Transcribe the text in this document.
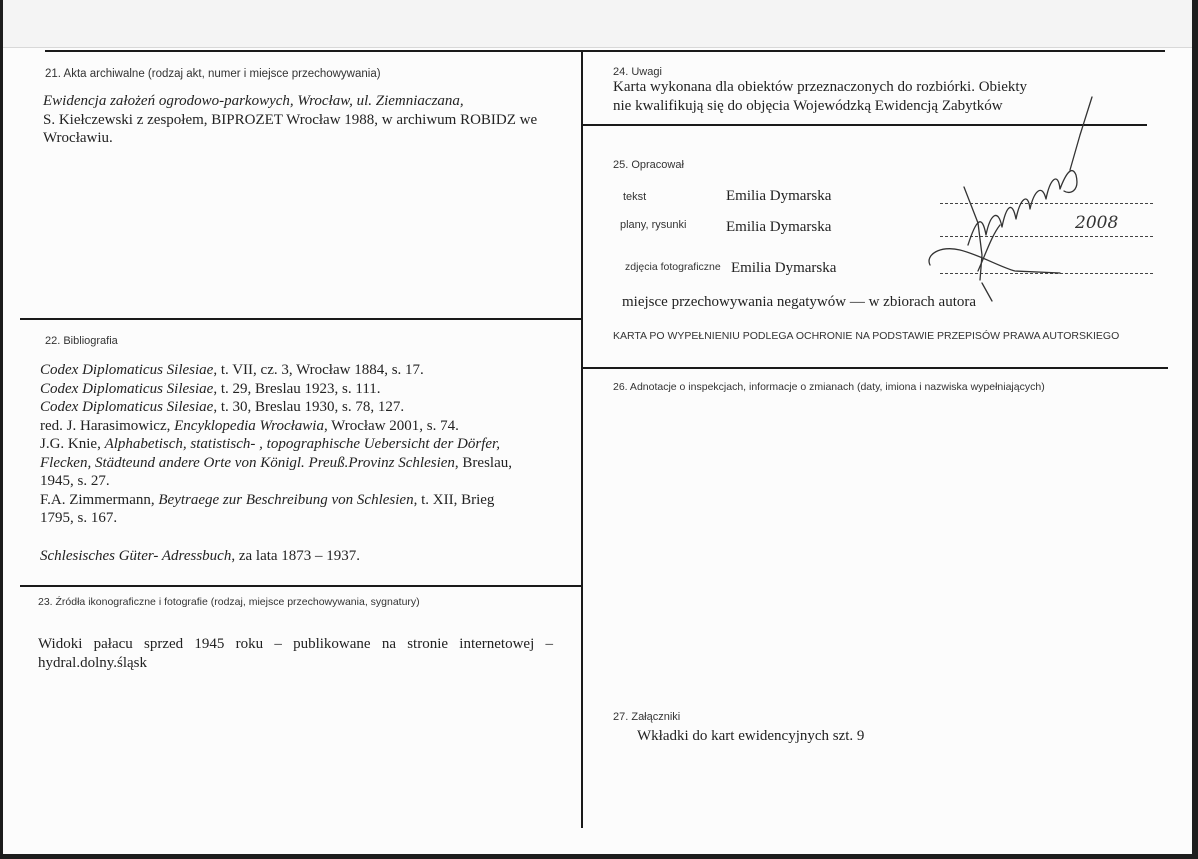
21. Akta archiwalne (rodzaj akt, numer i miejsce przechowywania)
Ewidencja założeń ogrodowo-parkowych, Wrocław, ul. Ziemniaczana,
S. Kiełczewski z zespołem, BIPROZET Wrocław 1988, w archiwum ROBIDZ we
Wrocławiu.
22. Bibliografia
Codex Diplomaticus Silesiae, t. VII, cz. 3, Wrocław 1884, s. 17.
Codex Diplomaticus Silesiae, t. 29, Breslau 1923, s. 111.
Codex Diplomaticus Silesiae, t. 30, Breslau 1930, s. 78, 127.
red. J. Harasimowicz, Encyklopedia Wrocławia, Wrocław 2001, s. 74.
J.G. Knie, Alphabetisch, statistisch- , topographische Uebersicht der Dörfer,
Flecken, Städteund andere Orte von Königl. Preuß.Provinz Schlesien, Breslau,
1945, s. 27.
F.A. Zimmermann, Beytraege zur Beschreibung von Schlesien, t. XII, Brieg
1795, s. 167.
Schlesisches Güter- Adressbuch, za lata 1873 – 1937.
23. Źródła ikonograficzne i fotografie (rodzaj, miejsce przechowywania, sygnatury)
Widoki pałacu sprzed 1945 roku – publikowane na stronie internetowej –
hydral.dolny.śląsk
24. Uwagi
Karta wykonana dla obiektów przeznaczonych do rozbiórki. Obiekty
nie kwalifikują się do objęcia Wojewódzką Ewidencją Zabytków
25. Opracował
tekst	Emilia Dymarska
plany, rysunki	Emilia Dymarska
zdjęcia fotograficzne Emilia Dymarska
miejsce przechowywania negatywów — w zbiorach autora
2008
KARTA PO WYPEŁNIENIU PODLEGA OCHRONIE NA PODSTAWIE PRZEPISÓW PRAWA AUTORSKIEGO
26. Adnotacje o inspekcjach, informacje o zmianach (daty, imiona i nazwiska wypełniających)
27. Załączniki
Wkładki do kart ewidencyjnych szt. 9
